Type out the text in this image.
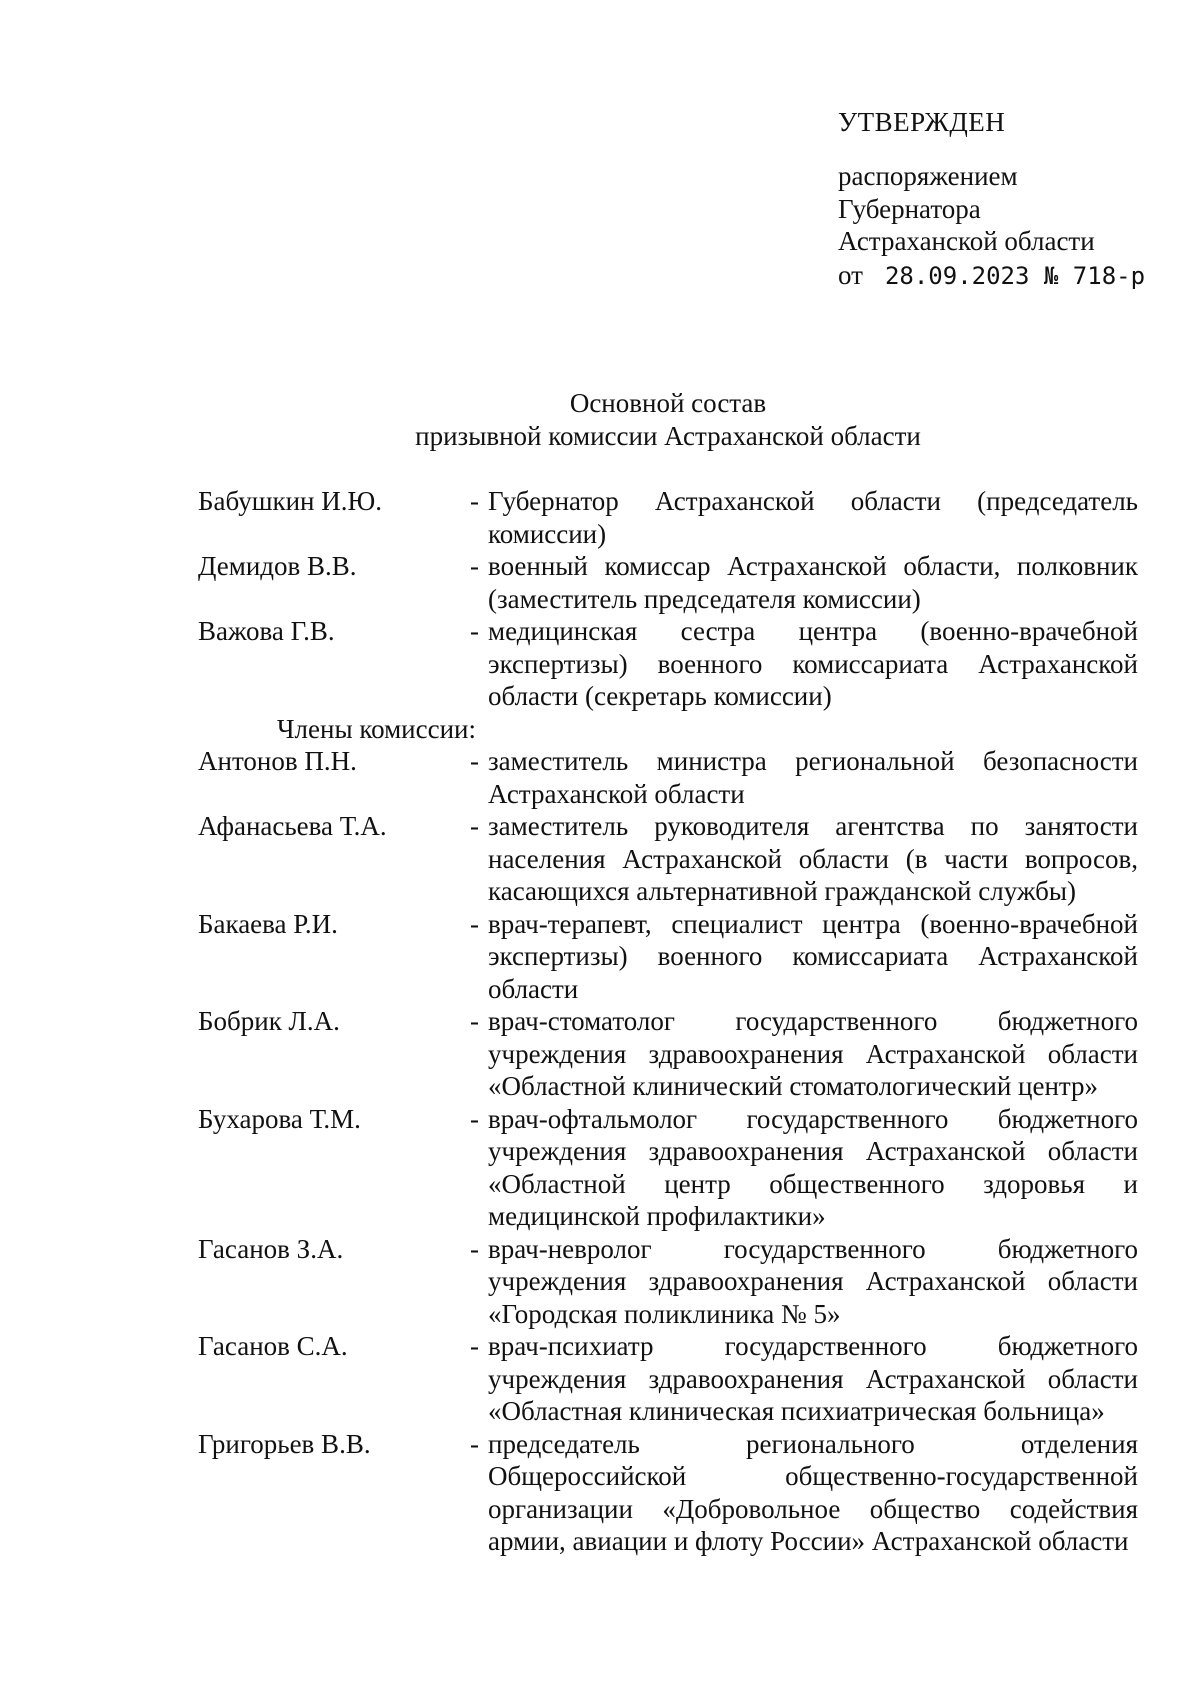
УТВЕРЖДЕН
распоряжением
Губернатора
Астраханской области
от 28.09.2023 № 718-р
Основной состав
призывной комиссии Астраханской области
Бабушкин И.Ю.	- Губернатор Астраханской области (председатель комиссии)
Демидов В.В.	- военный комиссар Астраханской области, полковник (заместитель председателя комиссии)
Важова Г.В.	- медицинская сестра центра (военно-врачебной экспертизы) военного комиссариата Астраханской области (секретарь комиссии)
Члены комиссии:
Антонов П.Н.	- заместитель министра региональной безопасности Астраханской области
Афанасьева Т.А.	- заместитель руководителя агентства по занятости населения Астраханской области (в части вопросов, касающихся альтернативной гражданской службы)
Бакаева Р.И.	- врач-терапевт, специалист центра (военно-врачебной экспертизы) военного комиссариата Астраханской области
Бобрик Л.А.	- врач-стоматолог государственного бюджетного учреждения здравоохранения Астраханской области «Областной клинический стоматологический центр»
Бухарова Т.М.	- врач-офтальмолог государственного бюджетного учреждения здравоохранения Астраханской области «Областной центр общественного здоровья и медицинской профилактики»
Гасанов З.А.	- врач-невролог государственного бюджетного учреждения здравоохранения Астраханской области «Городская поликлиника № 5»
Гасанов С.А.	- врач-психиатр государственного бюджетного учреждения здравоохранения Астраханской области «Областная клиническая психиатрическая больница»
Григорьев В.В.	- председатель регионального отделения Общероссийской общественно-государственной организации «Добровольное общество содействия армии, авиации и флоту России» Астраханской области
